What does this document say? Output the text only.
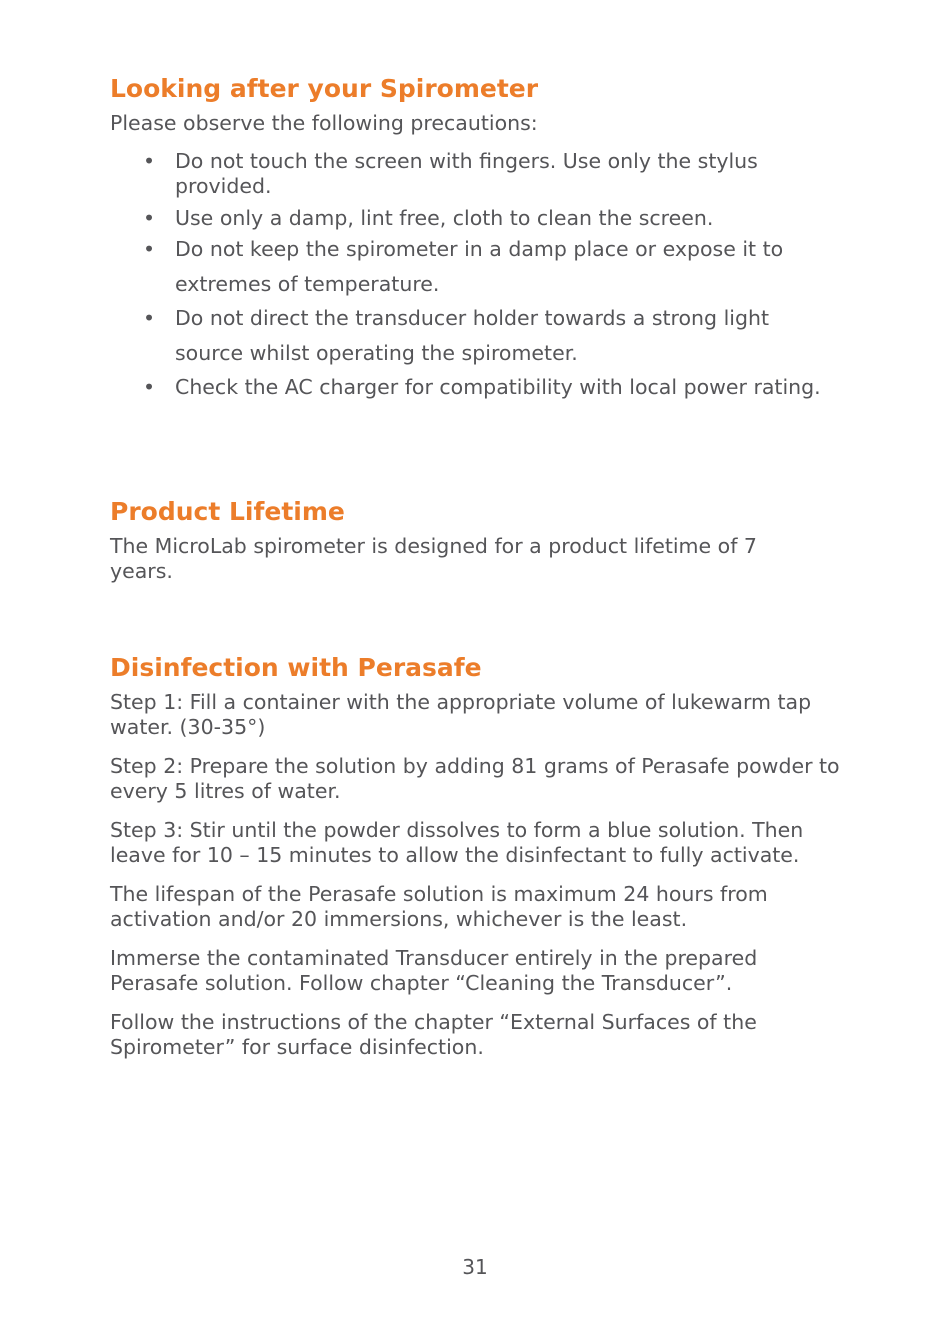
Looking after your Spirometer

Please observe the following precautions:

• Do not touch the screen with fingers. Use only the stylus provided.
• Use only a damp, lint free, cloth to clean the screen.
• Do not keep the spirometer in a damp place or expose it to extremes of temperature.
• Do not direct the transducer holder towards a strong light source whilst operating the spirometer.
• Check the AC charger for compatibility with local power rating.
Product Lifetime

The MicroLab spirometer is designed for a product lifetime of 7 years.

Disinfection with Perasafe

Step 1: Fill a container with the appropriate volume of lukewarm tap water. (30-35°)

Step 2: Prepare the solution by adding 81 grams of Perasafe powder to every 5 litres of water.

Step 3: Stir until the powder dissolves to form a blue solution. Then leave for 10 – 15 minutes to allow the disinfectant to fully activate.

The lifespan of the Perasafe solution is maximum 24 hours from activation and/or 20 immersions, whichever is the least.

Immerse the contaminated Transducer entirely in the prepared Perasafe solution. Follow chapter “Cleaning the Transducer”.

Follow the instructions of the chapter “External Surfaces of the Spirometer” for surface disinfection.

31
